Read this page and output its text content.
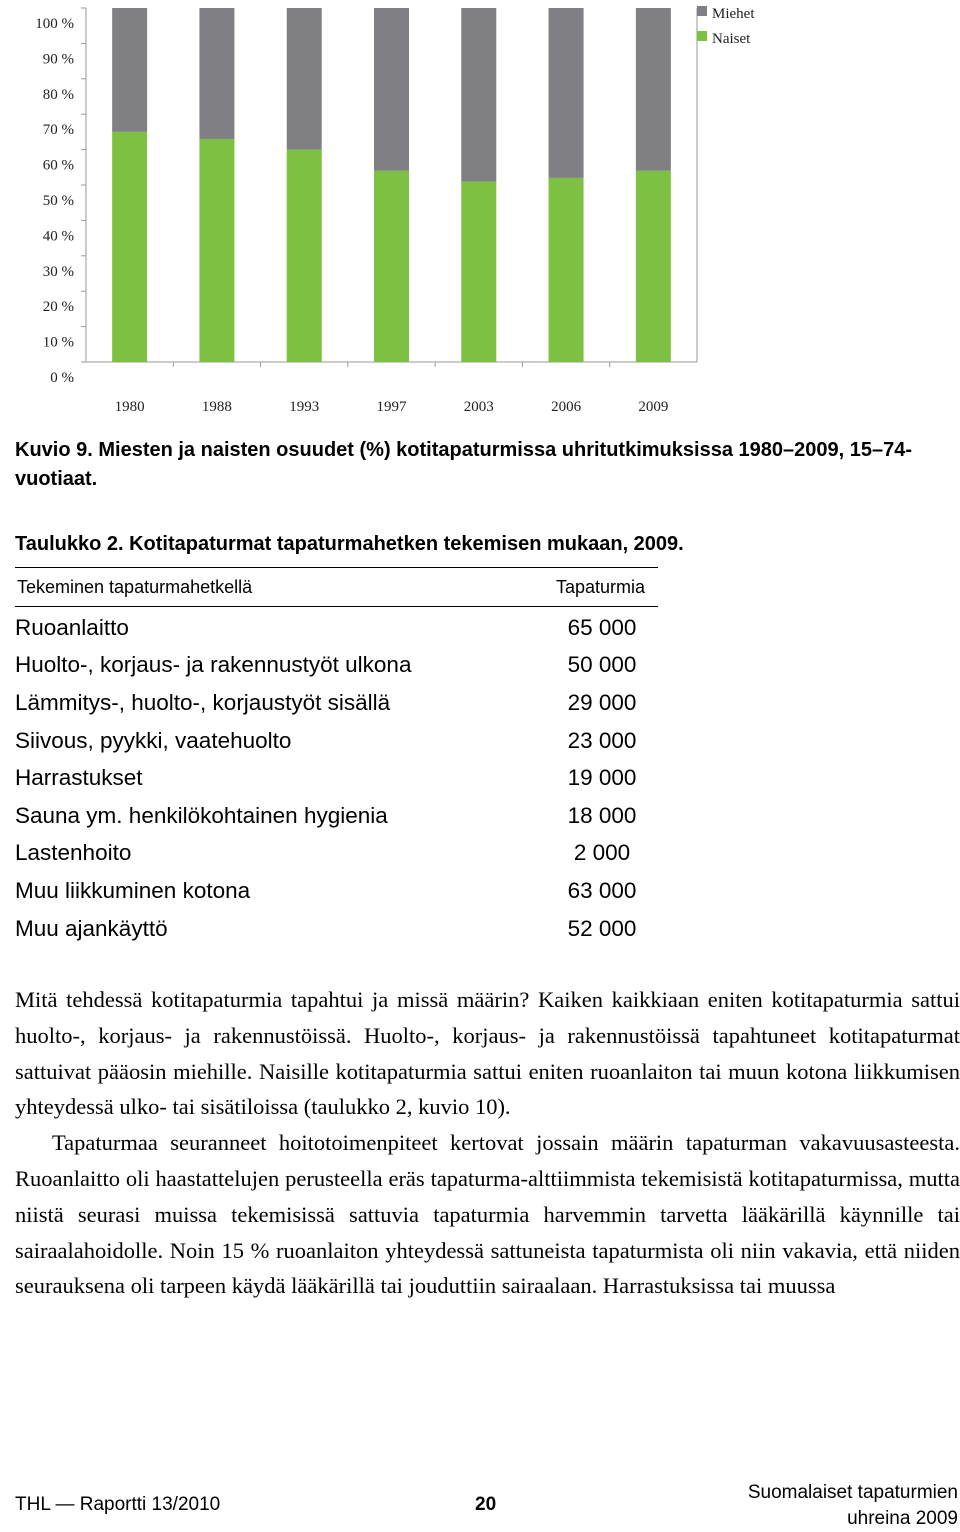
0 %
10 %
20 %
30 %
40 %
50 %
60 %
70 %
80 %
90 %
100 %
1980	1988	1993	1997	2003	2006	2009
Miehet
Naiset
Kuvio 9. Miesten ja naisten osuudet (%) kotitapaturmissa uhritutkimuksissa 1980–2009, 15–74-vuotiaat.
Taulukko 2. Kotitapaturmat tapaturmahetken tekemisen mukaan, 2009.
Tekeminen tapaturmahetkellä	Tapaturmia
Ruoanlaitto	65 000
Huolto-, korjaus- ja rakennustyöt ulkona	50 000
Lämmitys-, huolto-, korjaustyöt sisällä	29 000
Siivous, pyykki, vaatehuolto	23 000
Harrastukset	19 000
Sauna ym. henkilökohtainen hygienia	18 000
Lastenhoito	2 000
Muu liikkuminen kotona	63 000
Muu ajankäyttö	52 000

Mitä tehdessä kotitapaturmia tapahtui ja missä määrin? Kaiken kaikkiaan eniten kotitapaturmia sattui huolto-, korjaus- ja rakennustöissä. Huolto-, korjaus- ja rakennustöissä tapahtuneet kotitapaturmat sattuivat pääosin miehille. Naisille kotitapaturmia sattui eniten ruoanlaiton tai muun kotona liikkumisen yhteydessä ulko- tai sisätiloissa (taulukko 2, kuvio 10).

Tapaturmaa seuranneet hoitotoimenpiteet kertovat jossain määrin tapaturman vakavuusasteesta. Ruoanlaitto oli haastattelujen perusteella eräs tapaturma-alttiimmista tekemisistä kotitapaturmissa, mutta niistä seurasi muissa tekemisissä sattuvia tapaturmia harvemmin tarvetta lääkärillä käynnille tai sairaalahoidolle. Noin 15 % ruoanlaiton yhteydessä sattuneista tapaturmista oli niin vakavia, että niiden seurauksena oli tarpeen käydä lääkärillä tai jouduttiin sairaalaan. Harrastuksissa tai muussa

THL — Raportti 13/2010	20
Suomalaiset tapaturmien
uhreina 2009
